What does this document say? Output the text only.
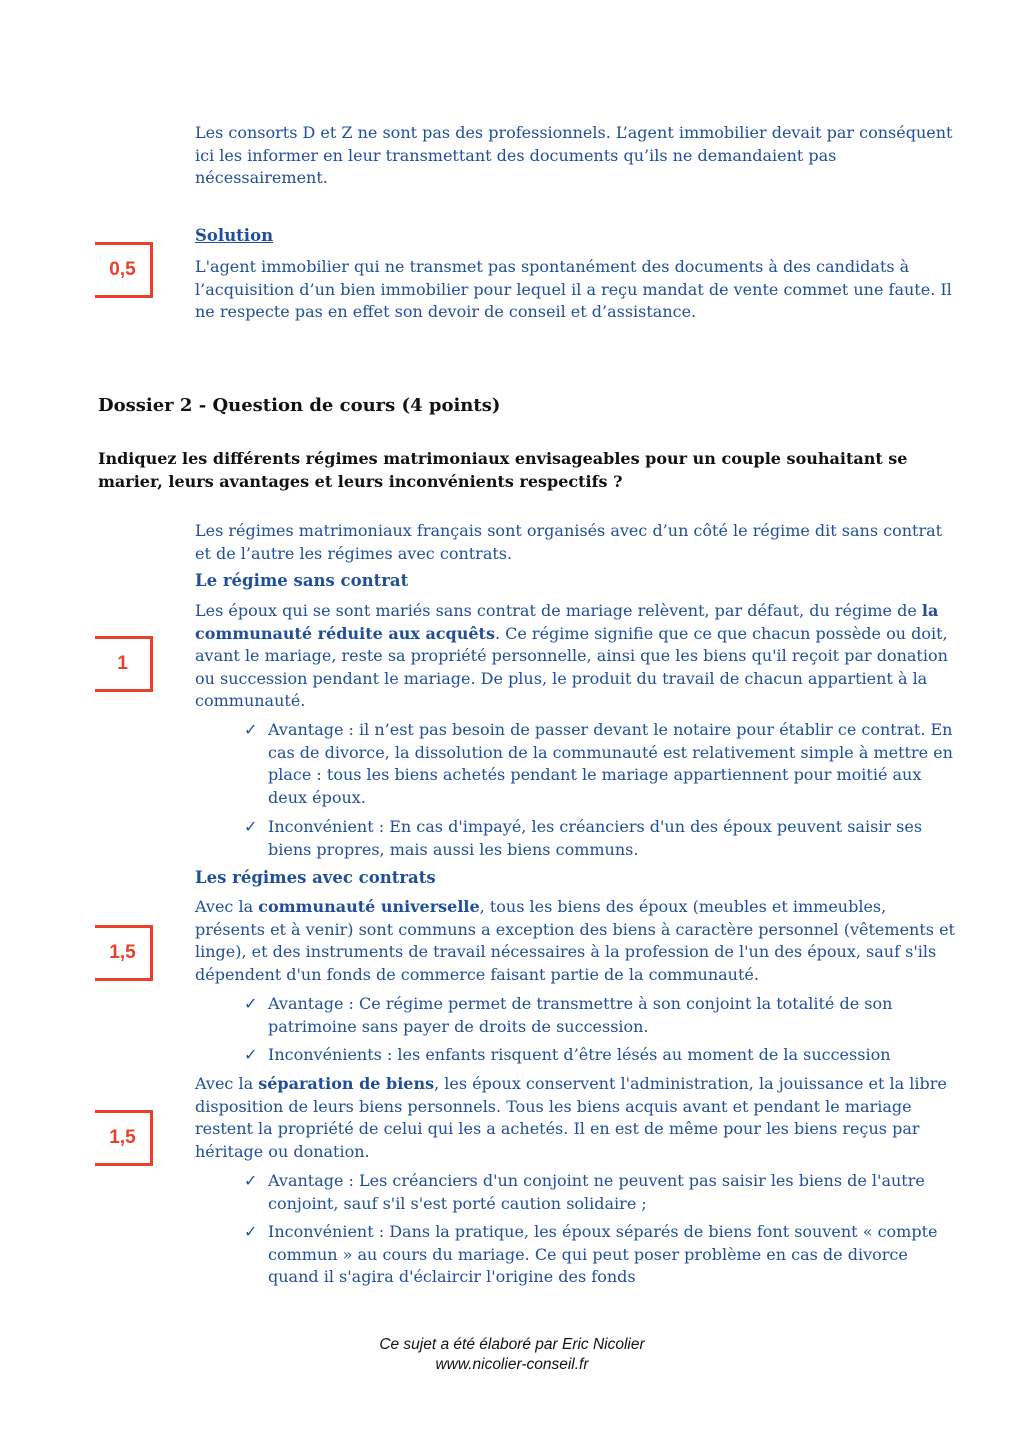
Les consorts D et Z ne sont pas des professionnels. L’agent immobilier devait par conséquent ici les informer en leur transmettant des documents qu’ils ne demandaient pas nécessairement.

Solution

L'agent immobilier qui ne transmet pas spontanément des documents à des candidats à l’acquisition d’un bien immobilier pour lequel il a reçu mandat de vente commet une faute. Il ne respecte pas en effet son devoir de conseil et d’assistance.

0,5

Dossier 2 - Question de cours (4 points)

Indiquez les différents régimes matrimoniaux envisageables pour un couple souhaitant se marier, leurs avantages et leurs inconvénients respectifs ?

Les régimes matrimoniaux français sont organisés avec d’un côté le régime dit sans contrat et de l’autre les régimes avec contrats.

Le régime sans contrat

Les époux qui se sont mariés sans contrat de mariage relèvent, par défaut, du régime de la communauté réduite aux acquêts. Ce régime signifie que ce que chacun possède ou doit, avant le mariage, reste sa propriété personnelle, ainsi que les biens qu'il reçoit par donation ou succession pendant le mariage. De plus, le produit du travail de chacun appartient à la communauté.

1
✓ Avantage : il n’est pas besoin de passer devant le notaire pour établir ce contrat. En cas de divorce, la dissolution de la communauté est relativement simple à mettre en place : tous les biens achetés pendant le mariage appartiennent pour moitié aux deux époux.
✓ Inconvénient : En cas d'impayé, les créanciers d'un des époux peuvent saisir ses biens propres, mais aussi les biens communs.

Les régimes avec contrats

Avec la communauté universelle, tous les biens des époux (meubles et immeubles, présents et à venir) sont communs a exception des biens à caractère personnel (vêtements et linge), et des instruments de travail nécessaires à la profession de l'un des époux, sauf s'ils dépendent d'un fonds de commerce faisant partie de la communauté.

1,5
✓ Avantage : Ce régime permet de transmettre à son conjoint la totalité de son patrimoine sans payer de droits de succession.
✓ Inconvénients : les enfants risquent d’être lésés au moment de la succession

Avec la séparation de biens, les époux conservent l'administration, la jouissance et la libre disposition de leurs biens personnels. Tous les biens acquis avant et pendant le mariage restent la propriété de celui qui les a achetés. Il en est de même pour les biens reçus par héritage ou donation.

1,5
✓ Avantage : Les créanciers d'un conjoint ne peuvent pas saisir les biens de l'autre conjoint, sauf s'il s'est porté caution solidaire ;
✓ Inconvénient : Dans la pratique, les époux séparés de biens font souvent « compte commun » au cours du mariage. Ce qui peut poser problème en cas de divorce quand il s'agira d'éclaircir l'origine des fonds
Ce sujet a été élaboré par Eric Nicolier
www.nicolier-conseil.fr
